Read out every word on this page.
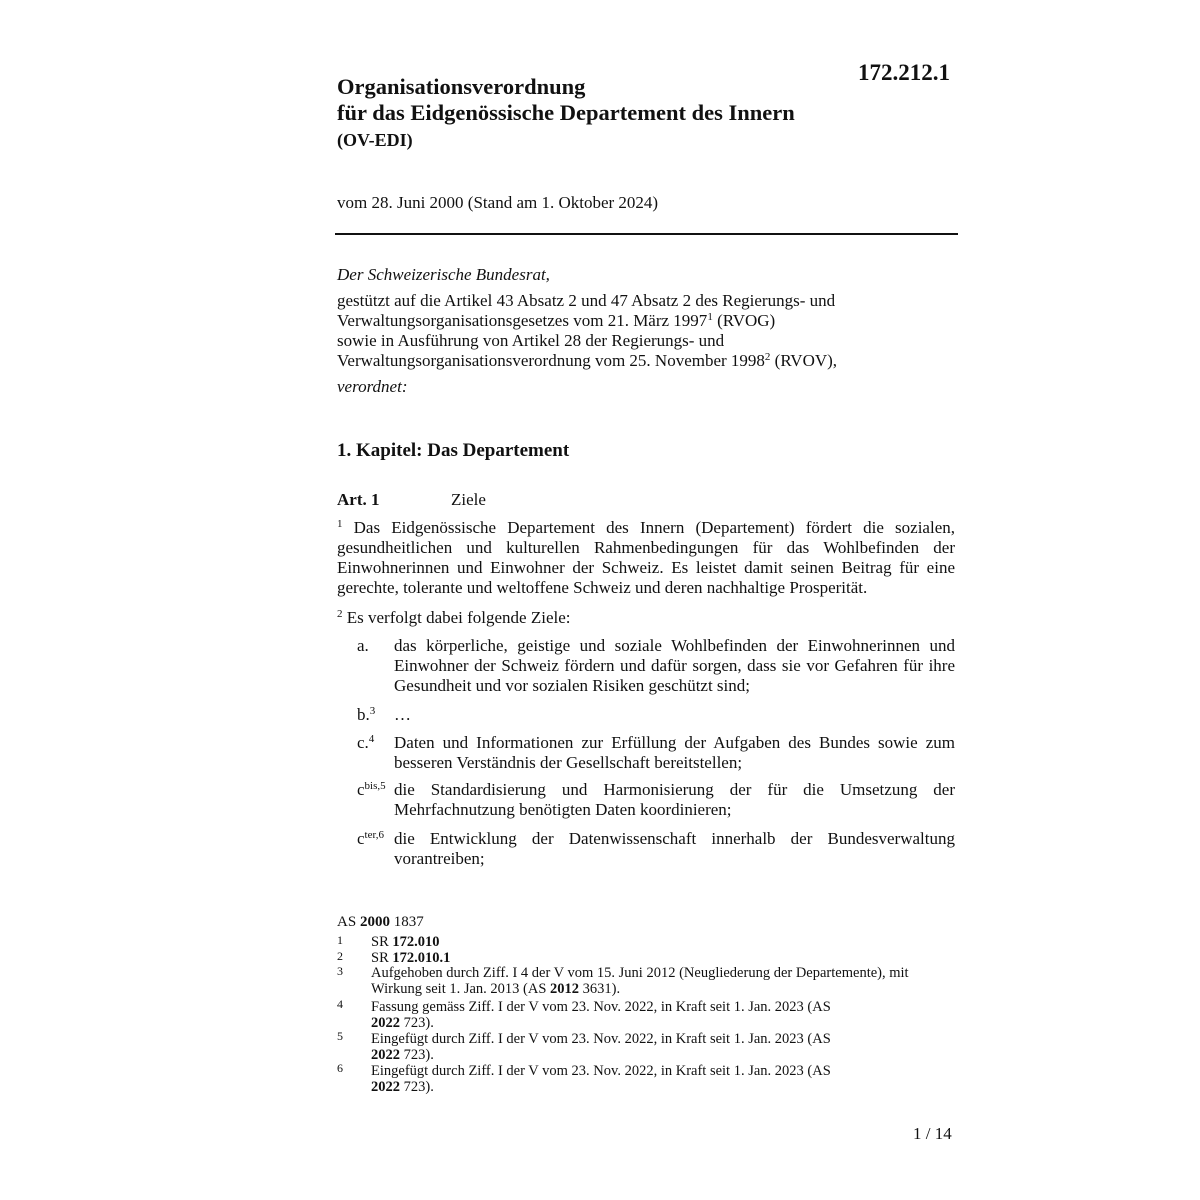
172.212.1
Organisationsverordnung
für das Eidgenössische Departement des Innern
(OV-EDI)
vom 28. Juni 2000 (Stand am 1. Oktober 2024)
Der Schweizerische Bundesrat,
gestützt auf die Artikel 43 Absatz 2 und 47 Absatz 2 des Regierungs- und
Verwaltungsorganisationsgesetzes vom 21. März 1997$^1$ (RVOG)
sowie in Ausführung von Artikel 28 der Regierungs- und
Verwaltungsorganisationsverordnung vom 25. November 1998$^2$ (RVOV),
verordnet:
1. Kapitel: Das Departement
Art. 1	Ziele
$^1$ Das Eidgenössische Departement des Innern (Departement) fördert die sozialen, gesundheitlichen und kulturellen Rahmenbedingungen für das Wohlbefinden der Einwohnerinnen und Einwohner der Schweiz. Es leistet damit seinen Beitrag für eine gerechte, tolerante und weltoffene Schweiz und deren nachhaltige Prosperität.
$^2$ Es verfolgt dabei folgende Ziele:
a. das körperliche, geistige und soziale Wohlbefinden der Einwohnerinnen und Einwohner der Schweiz fördern und dafür sorgen, dass sie vor Gefahren für ihre Gesundheit und vor sozialen Risiken geschützt sind;
b.$^3$ …
c.$^4$ Daten und Informationen zur Erfüllung der Aufgaben des Bundes sowie zum besseren Verständnis der Gesellschaft bereitstellen;
$c^{bis,5}$ die Standardisierung und Harmonisierung der für die Umsetzung der Mehrfachnutzung benötigten Daten koordinieren;
$c^{ter,6}$ die Entwicklung der Datenwissenschaft innerhalb der Bundesverwaltung vorantreiben;
AS 2000 1837
1 SR 172.010
2 SR 172.010.1
3 Aufgehoben durch Ziff. I 4 der V vom 15. Juni 2012 (Neugliederung der Departemente), mit Wirkung seit 1. Jan. 2013 (AS 2012 3631).
4 Fassung gemäss Ziff. I der V vom 23. Nov. 2022, in Kraft seit 1. Jan. 2023 (AS 2022 723).
5 Eingefügt durch Ziff. I der V vom 23. Nov. 2022, in Kraft seit 1. Jan. 2023 (AS 2022 723).
6 Eingefügt durch Ziff. I der V vom 23. Nov. 2022, in Kraft seit 1. Jan. 2023 (AS 2022 723).
1 / 14
